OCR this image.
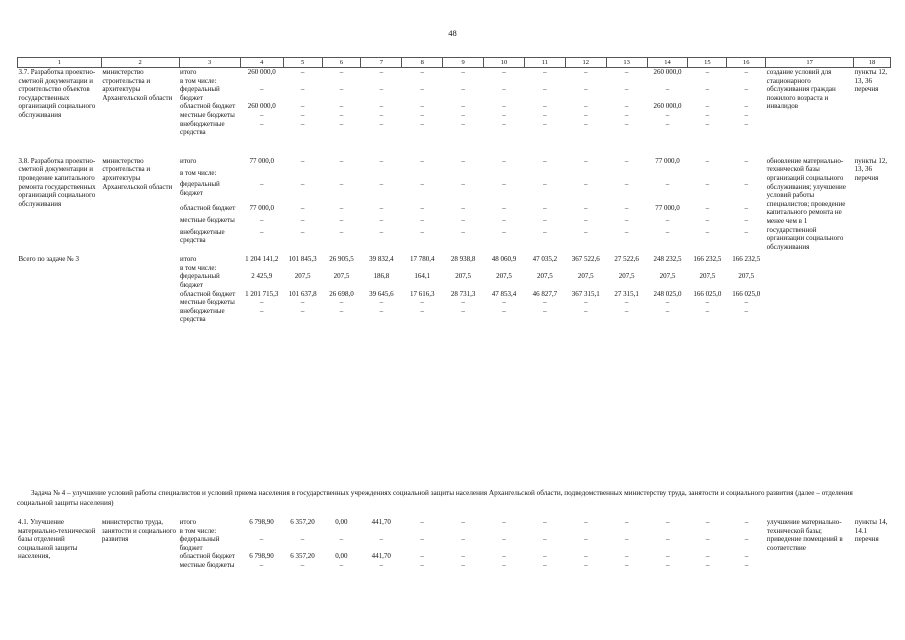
48
1	2	3	4	5	6	7	8	9	10	11	12	13	14	15	16	17	18
3.7. Разработка проектно-сметной документации и строительство объектов государственных организаций социального обслуживания	министерство строительства и архитектуры Архангельской области	итого	260 000,0	–	–	–	–	–	–	–	–	–	260 000,0	–	–	создание условий для стационарного обслуживания граждан пожилого возраста и инвалидов	пункты 12, 13, 36 перечня
		в том числе:															
		федеральный бюджет	–	–	–	–	–	–	–	–	–	–	–	–	–		
		областной бюджет	260 000,0	–	–	–	–	–	–	–	–	–	260 000,0	–	–		
		местные бюджеты	–	–	–	–	–	–	–	–	–	–	–	–	–		
		внебюджетные средства	–	–	–	–	–	–	–	–	–	–	–	–	–		

3.8. Разработка проектно-сметной документации и проведение капитального ремонта государственных организаций социального обслуживания	министерство строительства и архитектуры Архангельской области	итого	77 000,0	–	–	–	–	–	–	–	–	–	77 000,0	–	–	обновление материально-технической базы организаций социального обслуживания; улучшение условий работы специалистов; проведение капитального ремонта не менее чем в 1 государственной организации социального обслуживания	пункты 12, 13, 36 перечня
		в том числе:															
		федеральный бюджет	–	–	–	–	–	–	–	–	–	–	–	–	–		
		областной бюджет	77 000,0	–	–	–	–	–	–	–	–	–	77 000,0	–	–		
		местные бюджеты	–	–	–	–	–	–	–	–	–	–	–	–	–		
		внебюджетные средства	–	–	–	–	–	–	–	–	–	–	–	–	–		

Всего по задаче № 3		итого	1 204 141,2	101 845,3	26 905,5	39 832,4	17 780,4	28 938,8	48 060,9	47 035,2	367 522,6	27 522,6	248 232,5	166 232,5	166 232,5		
		в том числе:															
		федеральный бюджет	2 425,9	207,5	207,5	186,8	164,1	207,5	207,5	207,5	207,5	207,5	207,5	207,5	207,5		
		областной бюджет	1 201 715,3	101 637,8	26 698,0	39 645,6	17 616,3	28 731,3	47 853,4	46 827,7	367 315,1	27 315,1	248 025,0	166 025,0	166 025,0		
		местные бюджеты	–	–	–	–	–	–	–	–	–	–	–	–	–		
		внебюджетные средства	–	–	–	–	–	–	–	–	–	–	–	–	–		
Задача № 4 – улучшение условий работы специалистов и условий приема населения в государственных учреждениях социальной защиты населения Архангельской области, подведомственных министерству труда, занятости и социального развития (далее – отделения социальной защиты населения)
4.1. Улучшение материально-технической базы отделений социальной защиты населения,	министерство труда, занятости и социального развития	итого	6 798,90	6 357,20	0,00	441,70	–	–	–	–	–	–	–	–	–	улучшение материально-технической базы; приведение помещений в соответствие	пункты 14, 14.1 перечня
		в том числе:															
		федеральный бюджет	–	–	–	–	–	–	–	–	–	–	–	–	–		
		областной бюджет	6 798,90	6 357,20	0,00	441,70	–	–	–	–	–	–	–	–	–		
		местные бюджеты	–	–	–	–	–	–	–	–	–	–	–	–	–		
